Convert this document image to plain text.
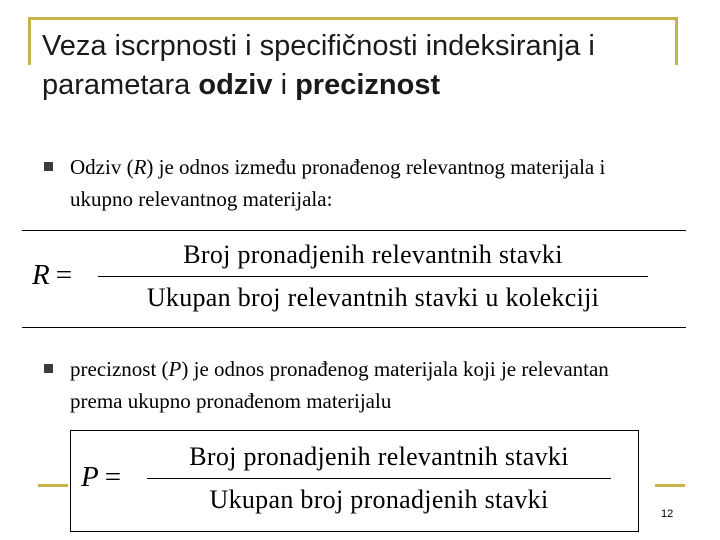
Veza iscrpnosti i specifičnosti indeksiranja i parametara odziv i preciznost
Odziv (R) je odnos između pronađenog relevantnog materijala i ukupno relevantnog materijala:
R =
Broj pronadjenih relevantnih stavki
Ukupan broj relevantnih stavki u kolekciji
preciznost (P) je odnos pronađenog materijala koji je relevantan prema ukupno pronađenom materijalu
P =
Broj pronadjenih relevantnih stavki
Ukupan broj pronadjenih stavki	12
